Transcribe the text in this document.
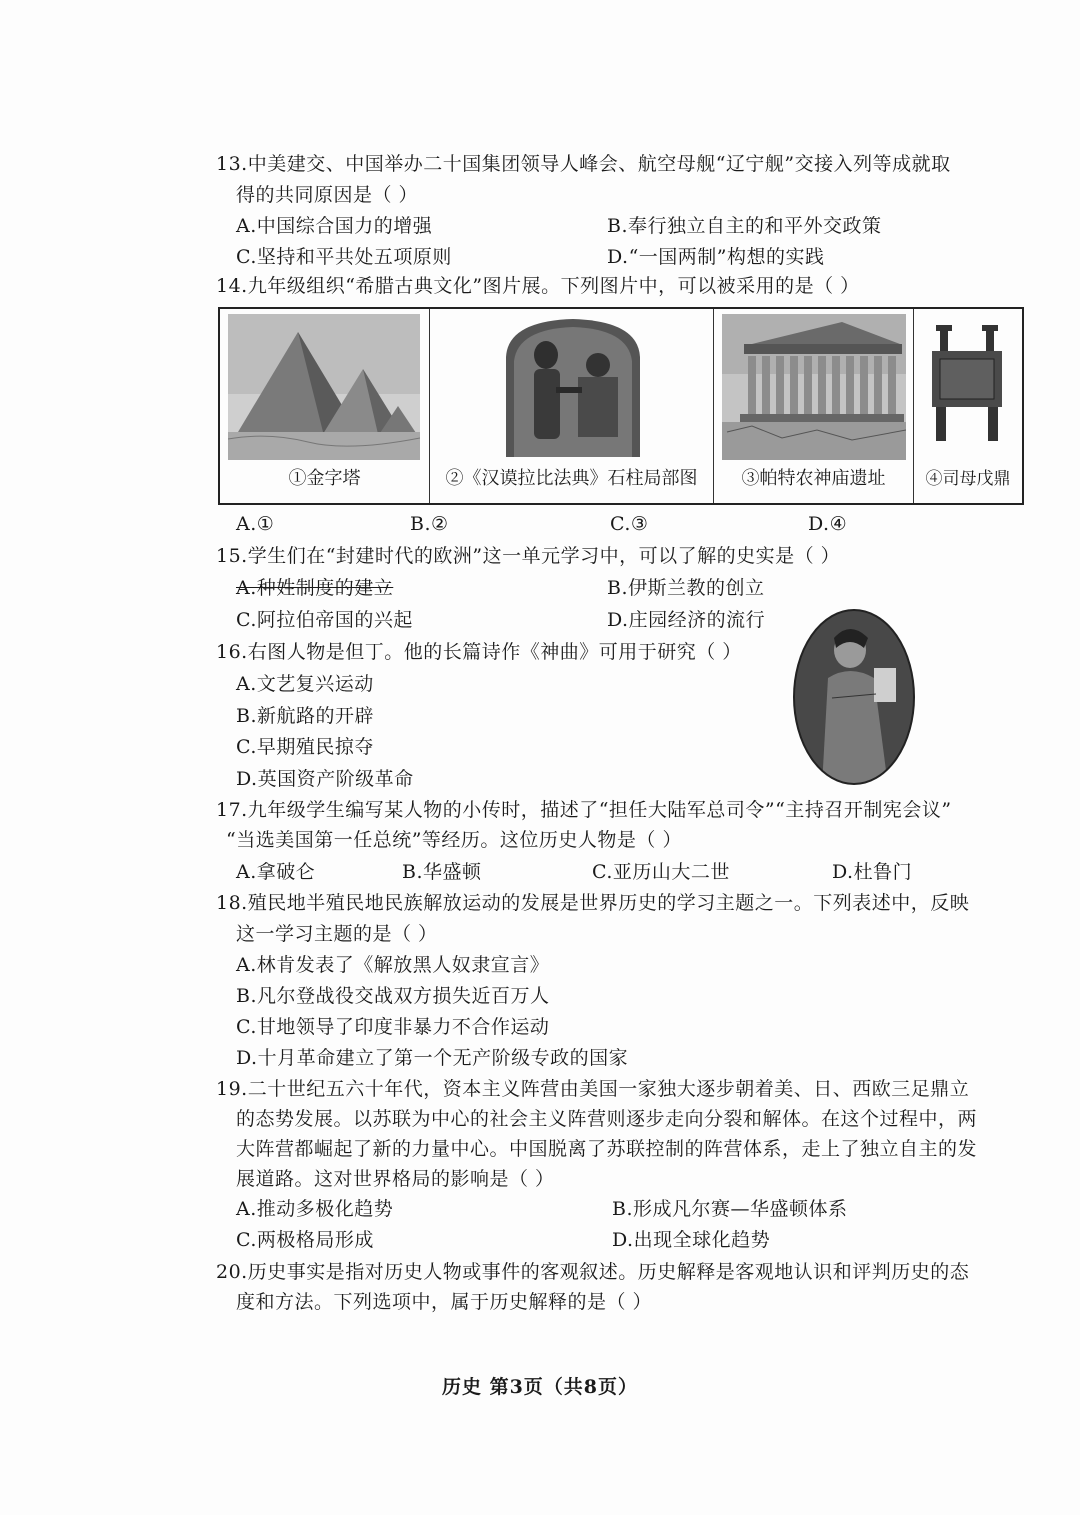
13.中美建交、中国举办二十国集团领导人峰会、航空母舰“辽宁舰”交接入列等成就取
得的共同原因是（ ）
A.中国综合国力的增强	B.奉行独立自主的和平外交政策
C.坚持和平共处五项原则	D.“一国两制”构想的实践
14.九年级组织“希腊古典文化”图片展。下列图片中，可以被采用的是（ ）
①金字塔	②《汉谟拉比法典》石柱局部图	③帕特农神庙遗址	④司母戊鼎
A.①	B.②	C.③	D.④
15.学生们在“封建时代的欧洲”这一单元学习中，可以了解的史实是（ ）
A.种姓制度的建立	B.伊斯兰教的创立
C.阿拉伯帝国的兴起	D.庄园经济的流行
16.右图人物是但丁。他的长篇诗作《神曲》可用于研究（ ）
A.文艺复兴运动
B.新航路的开辟
C.早期殖民掠夺
D.英国资产阶级革命
17.九年级学生编写某人物的小传时，描述了“担任大陆军总司令”“主持召开制宪会议”
“当选美国第一任总统”等经历。这位历史人物是（ ）
A.拿破仑	B.华盛顿	C.亚历山大二世	D.杜鲁门
18.殖民地半殖民地民族解放运动的发展是世界历史的学习主题之一。下列表述中，反映
这一学习主题的是（ ）
A.林肯发表了《解放黑人奴隶宣言》
B.凡尔登战役交战双方损失近百万人
C.甘地领导了印度非暴力不合作运动
D.十月革命建立了第一个无产阶级专政的国家
19.二十世纪五六十年代，资本主义阵营由美国一家独大逐步朝着美、日、西欧三足鼎立
的态势发展。以苏联为中心的社会主义阵营则逐步走向分裂和解体。在这个过程中，两
大阵营都崛起了新的力量中心。中国脱离了苏联控制的阵营体系，走上了独立自主的发
展道路。这对世界格局的影响是（ ）
A.推动多极化趋势	B.形成凡尔赛—华盛顿体系
C.两极格局形成	D.出现全球化趋势
20.历史事实是指对历史人物或事件的客观叙述。历史解释是客观地认识和评判历史的态
度和方法。下列选项中，属于历史解释的是（ ）
历史 第3页（共8页）
